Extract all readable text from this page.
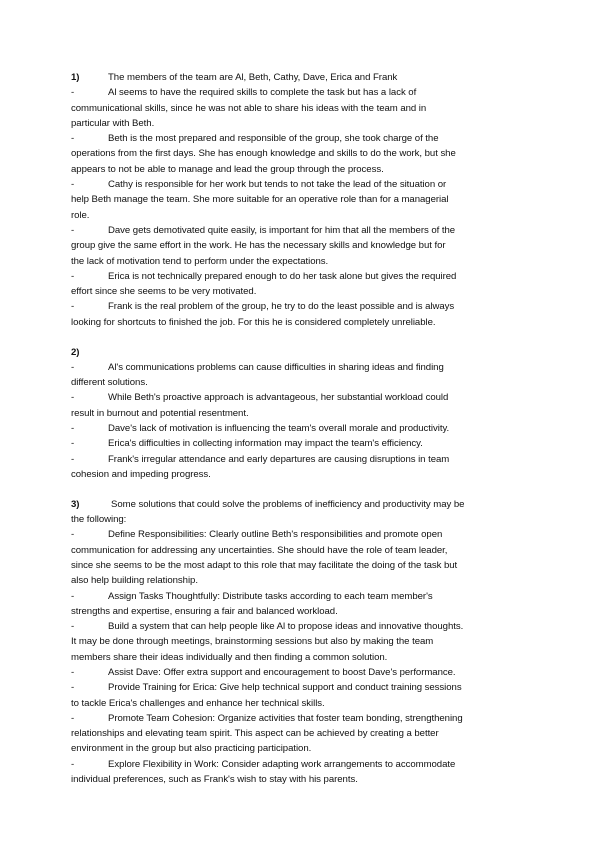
1)	The members of the team are Al, Beth, Cathy, Dave, Erica and Frank
-	Al seems to have the required skills to complete the task but has a lack of
communicational skills, since he was not able to share his ideas with the team and in
particular with Beth.
-	Beth is the most prepared and responsible of the group, she took charge of the
operations from the first days. She has enough knowledge and skills to do the work, but she
appears to not be able to manage and lead the group through the process.
-	Cathy is responsible for her work but tends to not take the lead of the situation or
help Beth manage the team. She more suitable for an operative role than for a managerial
role.
-	Dave gets demotivated quite easily, is important for him that all the members of the
group give the same effort in the work. He has the necessary skills and knowledge but for
the lack of motivation tend to perform under the expectations.
-	Erica is not technically prepared enough to do her task alone but gives the required
effort since she seems to be very motivated.
-	Frank is the real problem of the group, he try to do the least possible and is always
looking for shortcuts to finished the job. For this he is considered completely unreliable.
2)
-	Al's communications problems can cause difficulties in sharing ideas and finding
different solutions.
-	While Beth's proactive approach is advantageous, her substantial workload could
result in burnout and potential resentment.
-	Dave's lack of motivation is influencing the team's overall morale and productivity.
-	Erica's difficulties in collecting information may impact the team's efficiency.
-	Frank's irregular attendance and early departures are causing disruptions in team
cohesion and impeding progress.
3)	Some solutions that could solve the problems of inefficiency and productivity may be
the following:
-	Define Responsibilities: Clearly outline Beth's responsibilities and promote open
communication for addressing any uncertainties. She should have the role of team leader,
since she seems to be the most adapt to this role that may facilitate the doing of the task but
also help building relationship.
-	Assign Tasks Thoughtfully: Distribute tasks according to each team member's
strengths and expertise, ensuring a fair and balanced workload.
-	Build a system that can help people like Al to propose ideas and innovative thoughts.
It may be done through meetings, brainstorming sessions but also by making the team
members share their ideas individually and then finding a common solution.
-	Assist Dave: Offer extra support and encouragement to boost Dave's performance.
-	Provide Training for Erica: Give help technical support and conduct training sessions
to tackle Erica's challenges and enhance her technical skills.
-	Promote Team Cohesion: Organize activities that foster team bonding, strengthening
relationships and elevating team spirit. This aspect can be achieved by creating a better
environment in the group but also practicing participation.
-	Explore Flexibility in Work: Consider adapting work arrangements to accommodate
individual preferences, such as Frank's wish to stay with his parents.
